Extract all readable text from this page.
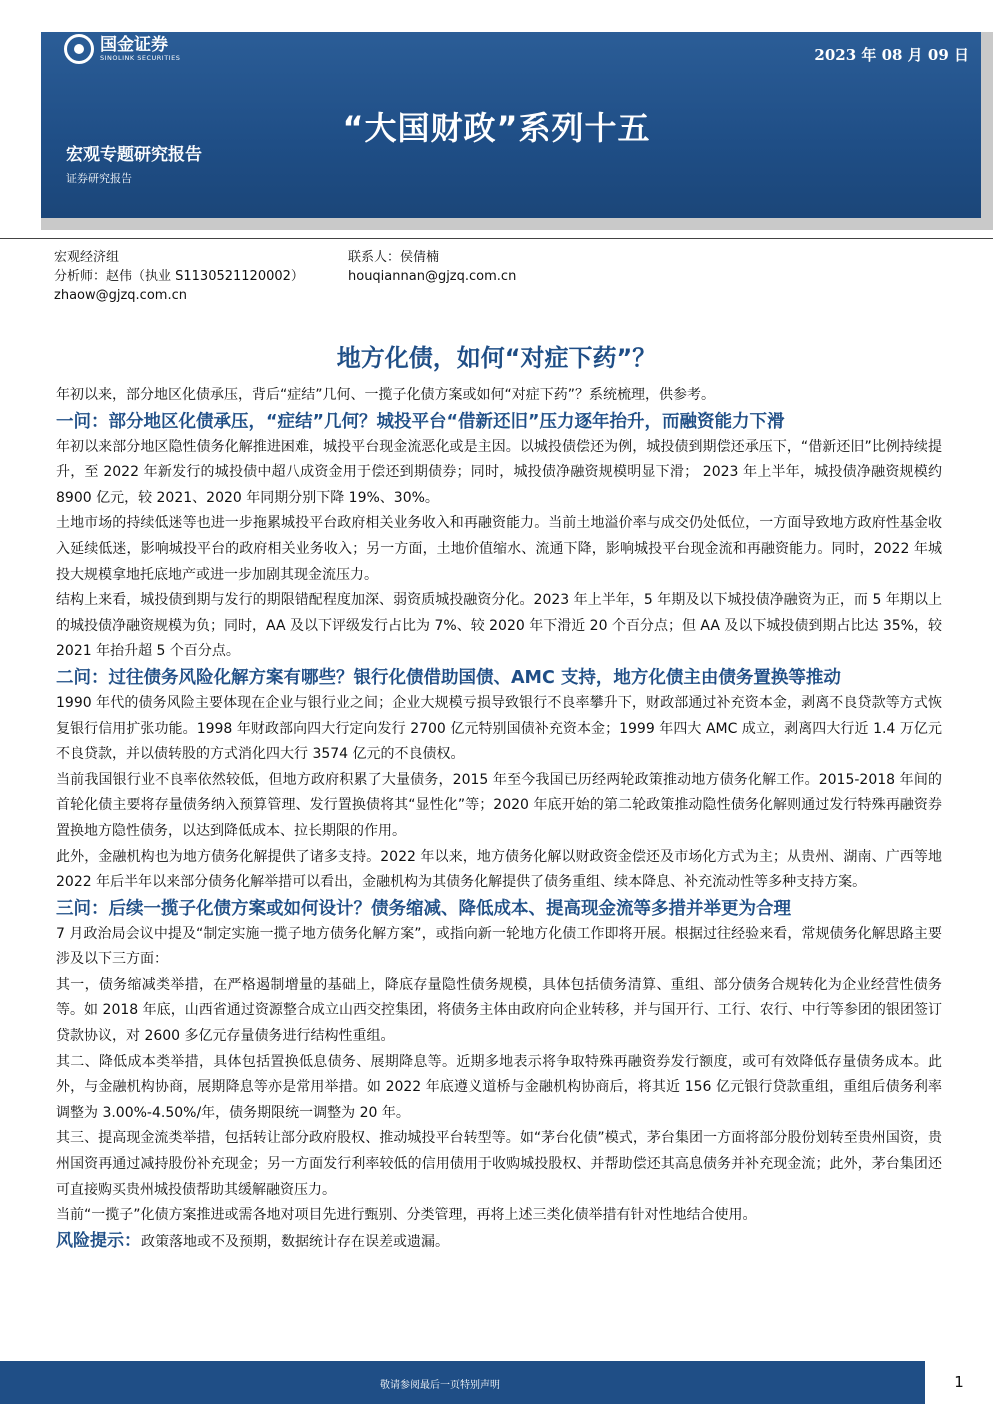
国金证券
SINOLINK SECURITIES	2023 年 08 月 09 日
“大国财政”系列十五
宏观专题研究报告
证券研究报告
宏观经济组
分析师：赵伟（执业 S1130521120002）
zhaow@gjzq.com.cn
联系人：侯倩楠
houqiannan@gjzq.com.cn
地方化债，如何“对症下药”？

年初以来，部分地区化债承压，背后“症结”几何、一揽子化债方案或如何“对症下药”？系统梳理，供参考。

一问：部分地区化债承压，“症结”几何？城投平台“借新还旧”压力逐年抬升，而融资能力下滑

年初以来部分地区隐性债务化解推进困难，城投平台现金流恶化或是主因。以城投债偿还为例，城投债到期偿还承压下，“借新还旧”比例持续提升，至 2022 年新发行的城投债中超八成资金用于偿还到期债券；同时，城投债净融资规模明显下滑； 2023 年上半年，城投债净融资规模约 8900 亿元，较 2021、2020 年同期分别下降 19%、30%。

土地市场的持续低迷等也进一步拖累城投平台政府相关业务收入和再融资能力。当前土地溢价率与成交仍处低位，一方面导致地方政府性基金收入延续低迷，影响城投平台的政府相关业务收入；另一方面，土地价值缩水、流通下降，影响城投平台现金流和再融资能力。同时，2022 年城投大规模拿地托底地产或进一步加剧其现金流压力。

结构上来看，城投债到期与发行的期限错配程度加深、弱资质城投融资分化。2023 年上半年，5 年期及以下城投债净融资为正，而 5 年期以上的城投债净融资规模为负；同时，AA 及以下评级发行占比为 7%、较 2020 年下滑近 20 个百分点；但 AA 及以下城投债到期占比达 35%，较 2021 年抬升超 5 个百分点。

二问：过往债务风险化解方案有哪些？银行化债借助国债、AMC 支持，地方化债主由债务置换等推动

1990 年代的债务风险主要体现在企业与银行业之间；企业大规模亏损导致银行不良率攀升下，财政部通过补充资本金，剥离不良贷款等方式恢复银行信用扩张功能。1998 年财政部向四大行定向发行 2700 亿元特别国债补充资本金；1999 年四大 AMC 成立，剥离四大行近 1.4 万亿元不良贷款，并以债转股的方式消化四大行 3574 亿元的不良债权。

当前我国银行业不良率依然较低，但地方政府积累了大量债务，2015 年至今我国已历经两轮政策推动地方债务化解工作。2015-2018 年间的首轮化债主要将存量债务纳入预算管理、发行置换债将其“显性化”等；2020 年底开始的第二轮政策推动隐性债务化解则通过发行特殊再融资券置换地方隐性债务，以达到降低成本、拉长期限的作用。

此外，金融机构也为地方债务化解提供了诸多支持。2022 年以来，地方债务化解以财政资金偿还及市场化方式为主；从贵州、湖南、广西等地 2022 年后半年以来部分债务化解举措可以看出，金融机构为其债务化解提供了债务重组、续本降息、补充流动性等多种支持方案。

三问：后续一揽子化债方案或如何设计？债务缩减、降低成本、提高现金流等多措并举更为合理

7 月政治局会议中提及“制定实施一揽子地方债务化解方案”，或指向新一轮地方化债工作即将开展。根据过往经验来看，常规债务化解思路主要涉及以下三方面：

其一，债务缩减类举措，在严格遏制增量的基础上，降底存量隐性债务规模，具体包括债务清算、重组、部分债务合规转化为企业经营性债务等。如 2018 年底，山西省通过资源整合成立山西交控集团，将债务主体由政府向企业转移，并与国开行、工行、农行、中行等参团的银团签订贷款协议，对 2600 多亿元存量债务进行结构性重组。

其二、降低成本类举措，具体包括置换低息债务、展期降息等。近期多地表示将争取特殊再融资券发行额度，或可有效降低存量债务成本。此外，与金融机构协商，展期降息等亦是常用举措。如 2022 年底遵义道桥与金融机构协商后，将其近 156 亿元银行贷款重组，重组后债务利率调整为 3.00%-4.50%/年，债务期限统一调整为 20 年。

其三、提高现金流类举措，包括转让部分政府股权、推动城投平台转型等。如“茅台化债”模式，茅台集团一方面将部分股份划转至贵州国资，贵州国资再通过减持股份补充现金；另一方面发行利率较低的信用债用于收购城投股权、并帮助偿还其高息债务并补充现金流；此外，茅台集团还可直接购买贵州城投债帮助其缓解融资压力。

当前“一揽子”化债方案推进或需各地对项目先进行甄别、分类管理，再将上述三类化债举措有针对性地结合使用。

风险提示：政策落地或不及预期，数据统计存在误差或遗漏。

敬请参阅最后一页特别声明	1
